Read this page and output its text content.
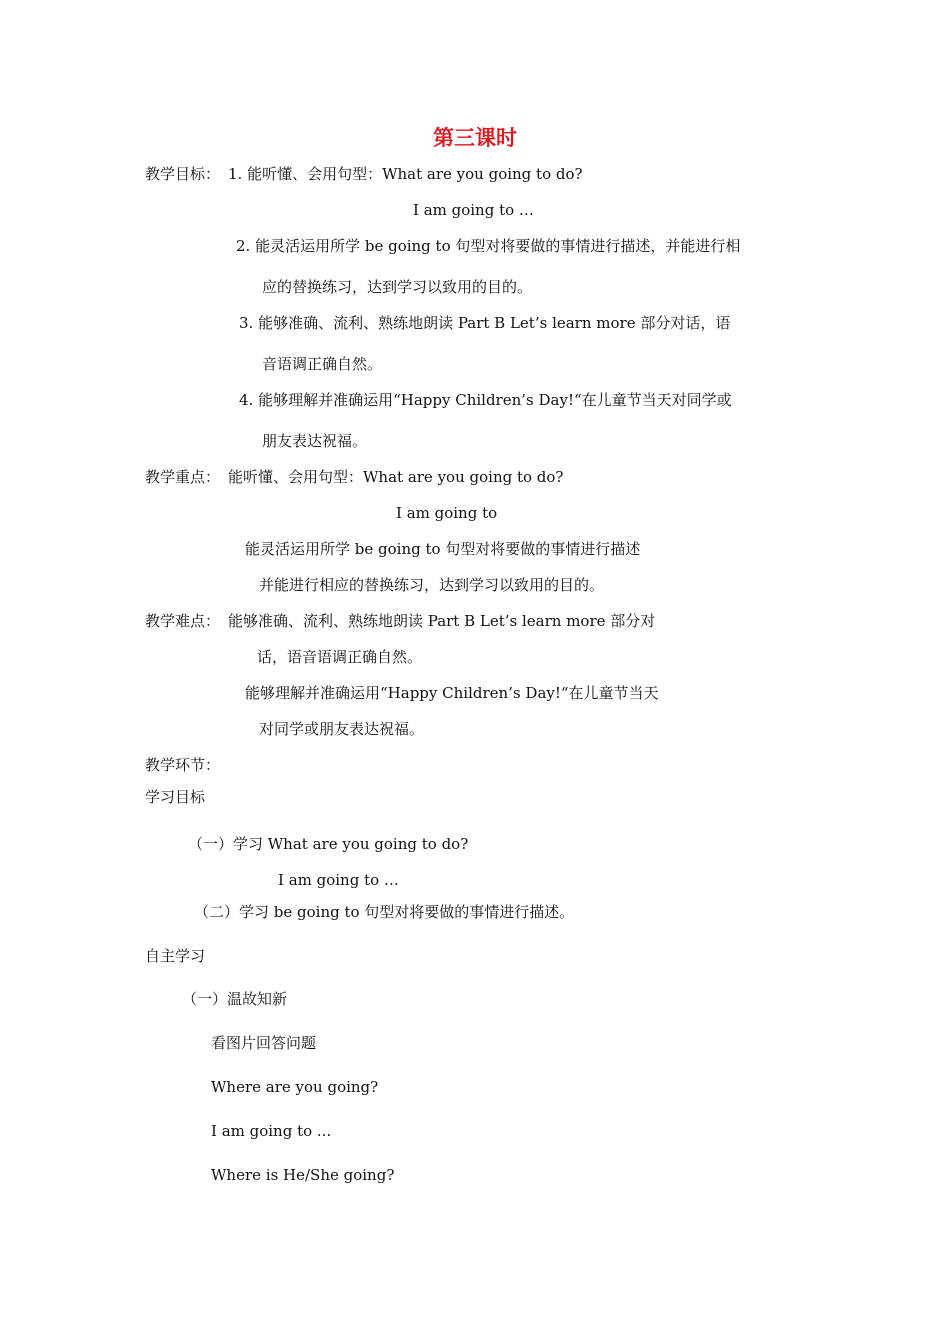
第三课时
教学目标： 1. 能听懂、会用句型：What are you going to do?
I am going to …
2. 能灵活运用所学 be going to 句型对将要做的事情进行描述，并能进行相
应的替换练习，达到学习以致用的目的。
3. 能够准确、流利、熟练地朗读 Part B Let’s learn more 部分对话，语
音语调正确自然。
4. 能够理解并准确运用“Happy Children’s Day!“在儿童节当天对同学或
朋友表达祝福。
教学重点： 能听懂、会用句型：What are you going to do?
I am going to
能灵活运用所学 be going to 句型对将要做的事情进行描述
并能进行相应的替换练习，达到学习以致用的目的。
教学难点： 能够准确、流利、熟练地朗读 Part B Let’s learn more 部分对
话，语音语调正确自然。
能够理解并准确运用“Happy Children’s Day!“在儿童节当天
对同学或朋友表达祝福。
教学环节：
学习目标
（一）学习 What are you going to do?
I am going to …
（二）学习 be going to 句型对将要做的事情进行描述。
自主学习
（一）温故知新
看图片回答问题
Where are you going?
I am going to ...
Where is He/She going?
